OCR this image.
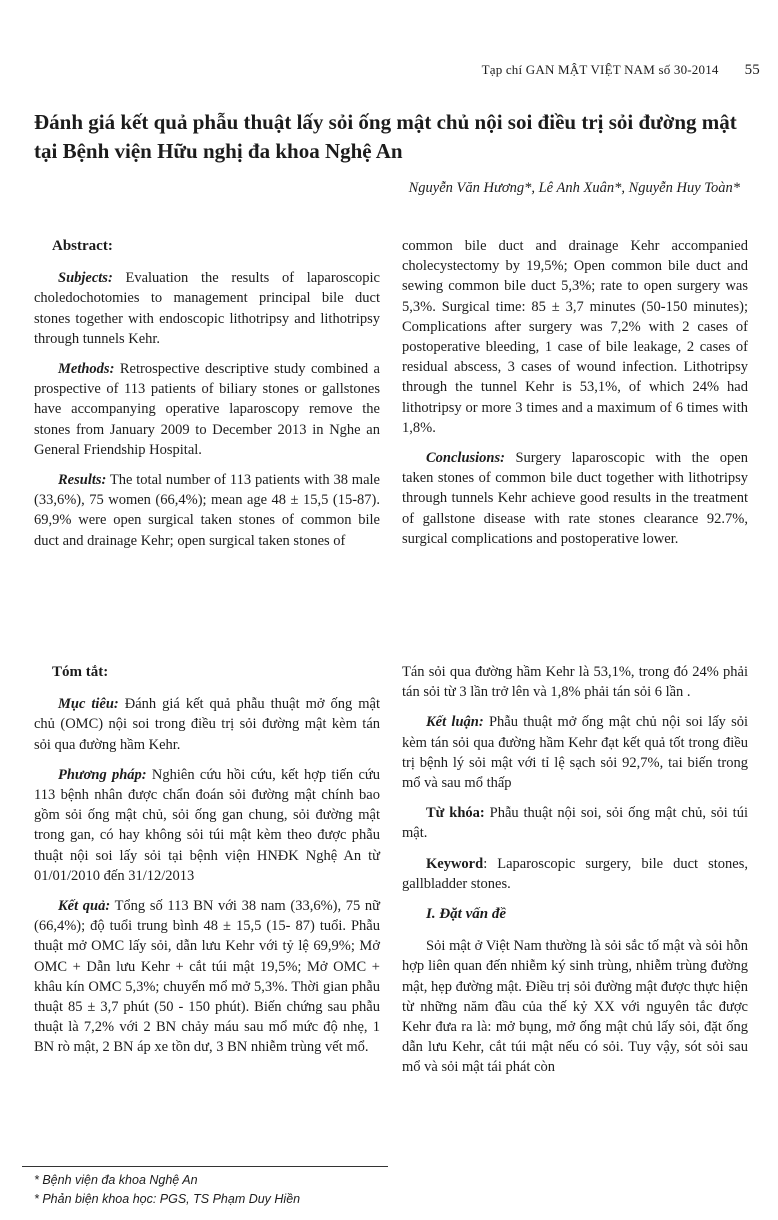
Tạp chí GAN MẬT VIỆT NAM số 30-2014 55
Đánh giá kết quả phẫu thuật lấy sỏi ống mật chủ nội soi điều trị sỏi đường mật tại Bệnh viện Hữu nghị đa khoa Nghệ An

Nguyễn Văn Hương*, Lê Anh Xuân*, Nguyễn Huy Toàn*

Abstract:

Subjects: Evaluation the results of laparoscopic choledochotomies to management principal bile duct stones together with endoscopic lithotripsy and lithotripsy through tunnels Kehr.

Methods: Retrospective descriptive study combined a prospective of 113 patients of biliary stones or gallstones have accompanying operative laparoscopy remove the stones from January 2009 to December 2013 in Nghe an General Friendship Hospital.

Results: The total number of 113 patients with 38 male (33,6%), 75 women (66,4%); mean age 48 ± 15,5 (15-87). 69,9% were open surgical taken stones of common bile duct and drainage Kehr; open surgical taken stones of

common bile duct and drainage Kehr accompanied cholecystectomy by 19,5%; Open common bile duct and sewing common bile duct 5,3%; rate to open surgery was 5,3%. Surgical time: 85 ± 3,7 minutes (50-150 minutes); Complications after surgery was 7,2% with 2 cases of postoperative bleeding, 1 case of bile leakage, 2 cases of residual abscess, 3 cases of wound infection. Lithotripsy through the tunnel Kehr is 53,1%, of which 24% had lithotripsy or more 3 times and a maximum of 6 times with 1,8%.

Conclusions: Surgery laparoscopic with the open taken stones of common bile duct together with lithotripsy through tunnels Kehr achieve good results in the treatment of gallstone disease with rate stones clearance 92.7%, surgical complications and postoperative lower.

Tóm tắt:

Mục tiêu: Đánh giá kết quả phẫu thuật mở ống mật chủ (OMC) nội soi trong điều trị sỏi đường mật kèm tán sỏi qua đường hầm Kehr.

Phương pháp: Nghiên cứu hồi cứu, kết hợp tiến cứu 113 bệnh nhân được chẩn đoán sỏi đường mật chính bao gồm sỏi ống mật chủ, sỏi ống gan chung, sỏi đường mật trong gan, có hay không sỏi túi mật kèm theo được phẫu thuật nội soi lấy sỏi tại bệnh viện HNĐK Nghệ An từ 01/01/2010 đến 31/12/2013

Kết quả: Tổng số 113 BN với 38 nam (33,6%), 75 nữ (66,4%); độ tuổi trung bình 48 ± 15,5 (15- 87) tuổi. Phẫu thuật mở OMC lấy sỏi, dẫn lưu Kehr với tỷ lệ 69,9%; Mở OMC + Dẫn lưu Kehr + cắt túi mật 19,5%; Mở OMC + khâu kín OMC 5,3%; chuyển mổ mở 5,3%. Thời gian phẫu thuật 85 ± 3,7 phút (50 - 150 phút). Biến chứng sau phẫu thuật là 7,2% với 2 BN chảy máu sau mổ mức độ nhẹ, 1 BN rò mật, 2 BN áp xe tồn dư, 3 BN nhiễm trùng vết mổ.

Tán sỏi qua đường hầm Kehr là 53,1%, trong đó 24% phải tán sỏi từ 3 lần trở lên và 1,8% phải tán sỏi 6 lần .

Kết luận: Phẫu thuật mở ống mật chủ nội soi lấy sỏi kèm tán sỏi qua đường hầm Kehr đạt kết quả tốt trong điều trị bệnh lý sỏi mật với tỉ lệ sạch sỏi 92,7%, tai biến trong mổ và sau mổ thấp

Từ khóa: Phẫu thuật nội soi, sỏi ống mật chủ, sỏi túi mật.

Keyword: Laparoscopic surgery, bile duct stones, gallbladder stones.

I. Đặt vấn đề

Sỏi mật ở Việt Nam thường là sỏi sắc tố mật và sỏi hỗn hợp liên quan đến nhiễm ký sinh trùng, nhiễm trùng đường mật, hẹp đường mật. Điều trị sỏi đường mật được thực hiện từ những năm đầu của thế kỷ XX với nguyên tắc được Kehr đưa ra là: mở bụng, mở ống mật chủ lấy sỏi, đặt ống dẫn lưu Kehr, cắt túi mật nếu có sỏi. Tuy vậy, sót sỏi sau mổ và sỏi mật tái phát còn

* Bệnh viện đa khoa Nghệ An
* Phản biện khoa học: PGS, TS Phạm Duy Hiền
